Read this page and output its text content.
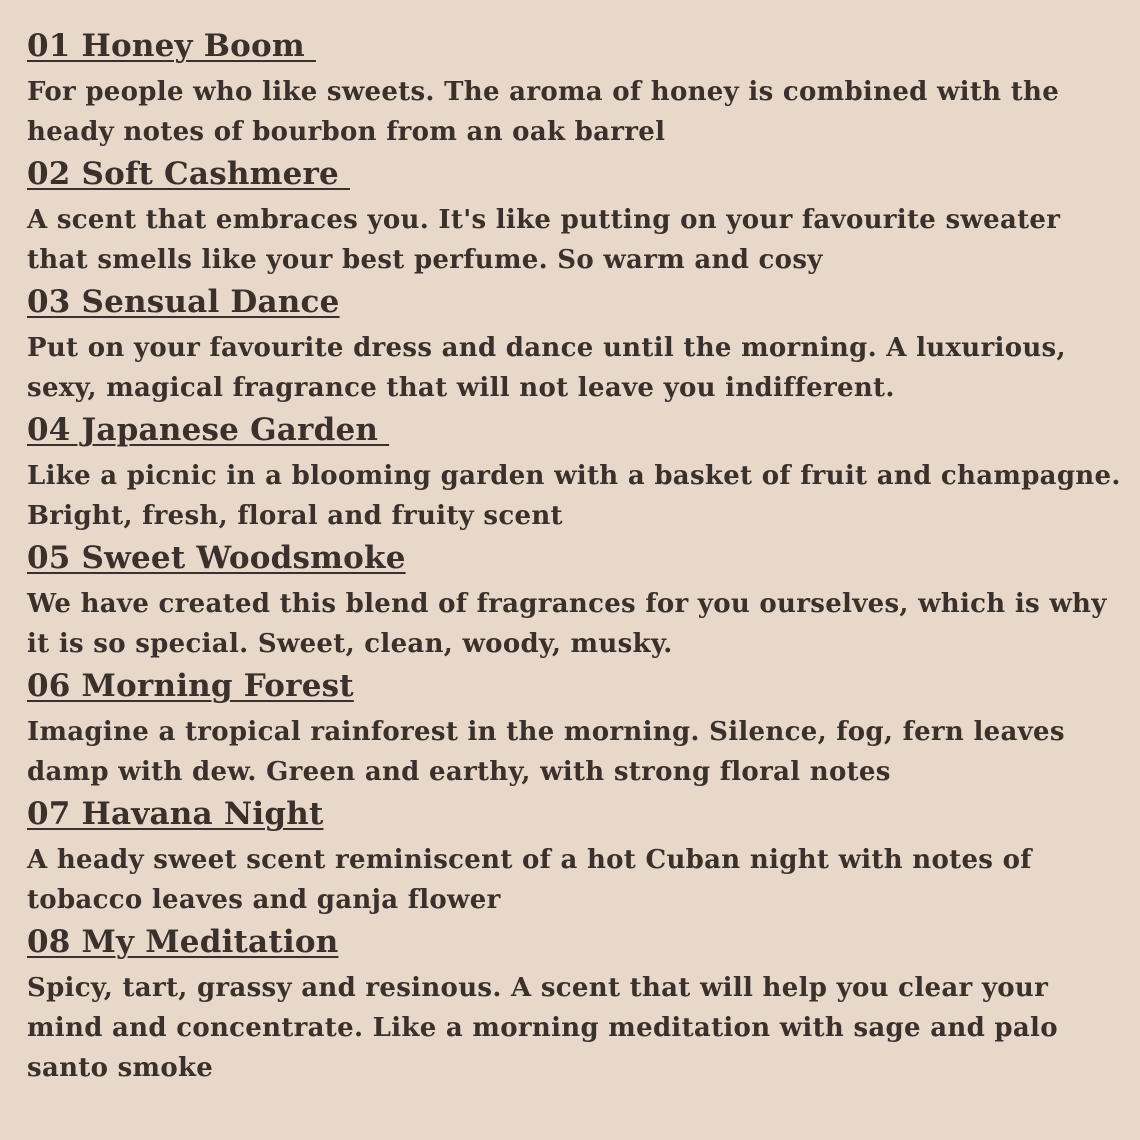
01 Honey Boom
For people who like sweets. The aroma of honey is combined with the
heady notes of bourbon from an oak barrel
02 Soft Cashmere
A scent that embraces you. It's like putting on your favourite sweater
that smells like your best perfume. So warm and cosy
03 Sensual Dance
Put on your favourite dress and dance until the morning. A luxurious,
sexy, magical fragrance that will not leave you indifferent.
04 Japanese Garden
Like a picnic in a blooming garden with a basket of fruit and champagne.
Bright, fresh, floral and fruity scent
05 Sweet Woodsmoke
We have created this blend of fragrances for you ourselves, which is why
it is so special. Sweet, clean, woody, musky.
06 Morning Forest
Imagine a tropical rainforest in the morning. Silence, fog, fern leaves
damp with dew. Green and earthy, with strong floral notes
07 Havana Night
A heady sweet scent reminiscent of a hot Cuban night with notes of
tobacco leaves and ganja flower
08 My Meditation
Spicy, tart, grassy and resinous. A scent that will help you clear your
mind and concentrate. Like a morning meditation with sage and palo
santo smoke
